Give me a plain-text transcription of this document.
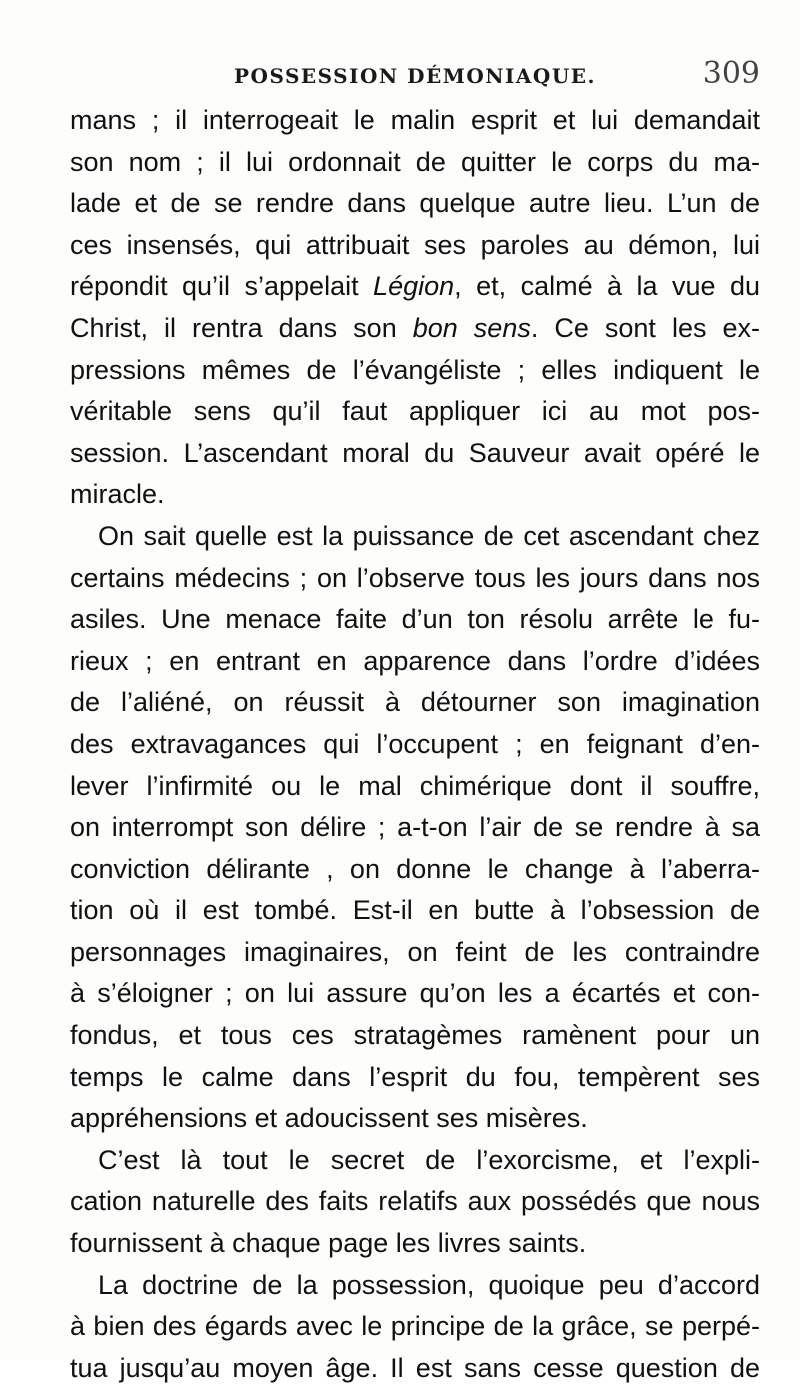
POSSESSION DÉMONIAQUE.	309
mans ; il interrogeait le malin esprit et lui demandait
son nom ; il lui ordonnait de quitter le corps du ma-
lade et de se rendre dans quelque autre lieu. L’un de
ces insensés, qui attribuait ses paroles au démon, lui
répondit qu’il s’appelait Légion, et, calmé à la vue du
Christ, il rentra dans son bon sens. Ce sont les ex-
pressions mêmes de l’évangéliste ; elles indiquent le
véritable sens qu’il faut appliquer ici au mot pos-
session. L’ascendant moral du Sauveur avait opéré le
miracle.
On sait quelle est la puissance de cet ascendant chez
certains médecins ; on l’observe tous les jours dans nos
asiles. Une menace faite d’un ton résolu arrête le fu-
rieux ; en entrant en apparence dans l’ordre d’idées
de l’aliéné, on réussit à détourner son imagination
des extravagances qui l’occupent ; en feignant d’en-
lever l’infirmité ou le mal chimérique dont il souffre,
on interrompt son délire ; a-t-on l’air de se rendre à sa
conviction délirante , on donne le change à l’aberra-
tion où il est tombé. Est-il en butte à l’obsession de
personnages imaginaires, on feint de les contraindre
à s’éloigner ; on lui assure qu’on les a écartés et con-
fondus, et tous ces stratagèmes ramènent pour un
temps le calme dans l’esprit du fou, tempèrent ses
appréhensions et adoucissent ses misères.
C’est là tout le secret de l’exorcisme, et l’expli-
cation naturelle des faits relatifs aux possédés que nous
fournissent à chaque page les livres saints.
La doctrine de la possession, quoique peu d’accord
à bien des égards avec le principe de la grâce, se perpé-
tua jusqu’au moyen âge. Il est sans cesse question de
